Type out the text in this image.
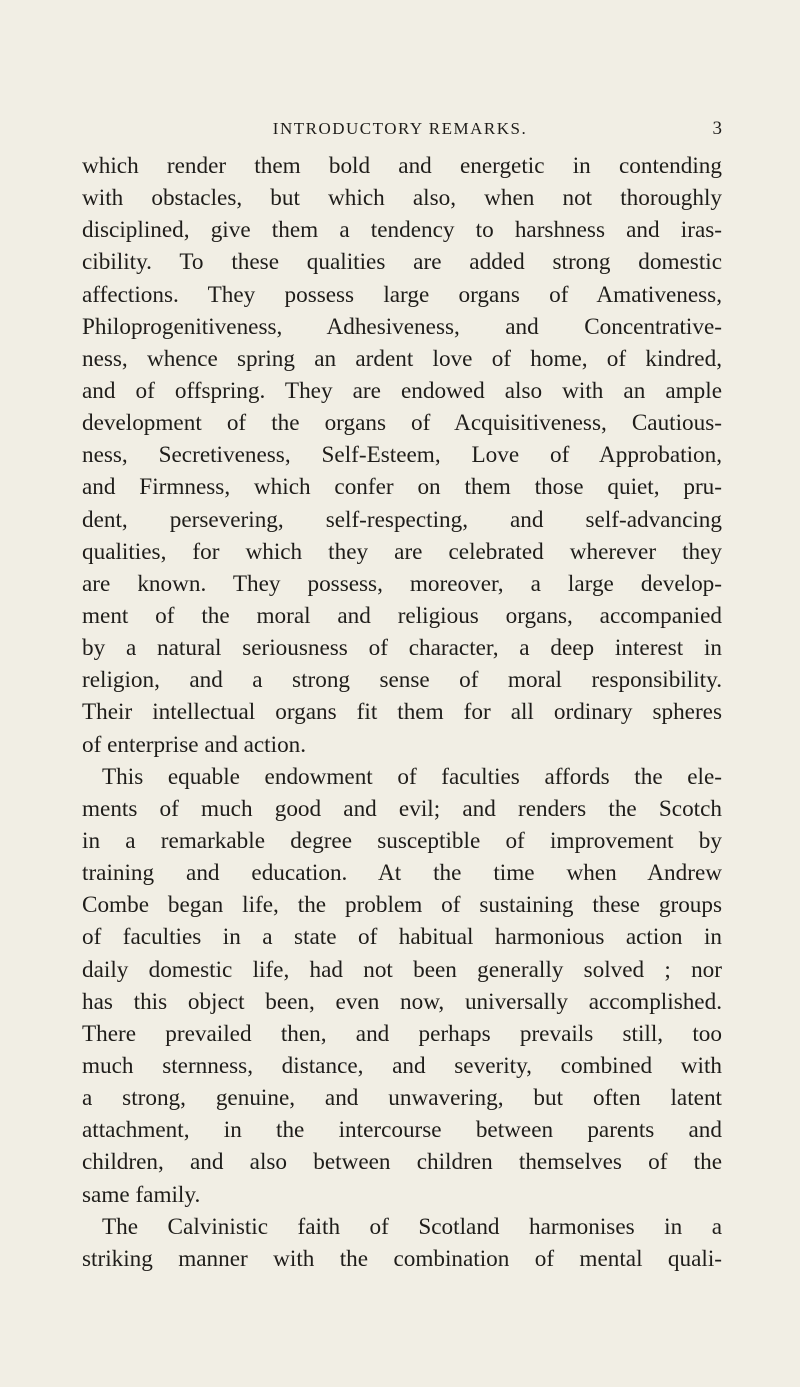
INTRODUCTORY REMARKS.	3
which render them bold and energetic in contending
with obstacles, but which also, when not thoroughly
disciplined, give them a tendency to harshness and iras-
cibility. To these qualities are added strong domestic
affections. They possess large organs of Amativeness,
Philoprogenitiveness, Adhesiveness, and Concentrative-
ness, whence spring an ardent love of home, of kindred,
and of offspring. They are endowed also with an ample
development of the organs of Acquisitiveness, Cautious-
ness, Secretiveness, Self-Esteem, Love of Approbation,
and Firmness, which confer on them those quiet, pru-
dent, persevering, self-respecting, and self-advancing
qualities, for which they are celebrated wherever they
are known. They possess, moreover, a large develop-
ment of the moral and religious organs, accompanied
by a natural seriousness of character, a deep interest in
religion, and a strong sense of moral responsibility.
Their intellectual organs fit them for all ordinary spheres
of enterprise and action.
This equable endowment of faculties affords the ele-
ments of much good and evil; and renders the Scotch
in a remarkable degree susceptible of improvement by
training and education. At the time when Andrew
Combe began life, the problem of sustaining these groups
of faculties in a state of habitual harmonious action in
daily domestic life, had not been generally solved ; nor
has this object been, even now, universally accomplished.
There prevailed then, and perhaps prevails still, too
much sternness, distance, and severity, combined with
a strong, genuine, and unwavering, but often latent
attachment, in the intercourse between parents and
children, and also between children themselves of the
same family.
The Calvinistic faith of Scotland harmonises in a
striking manner with the combination of mental quali-
